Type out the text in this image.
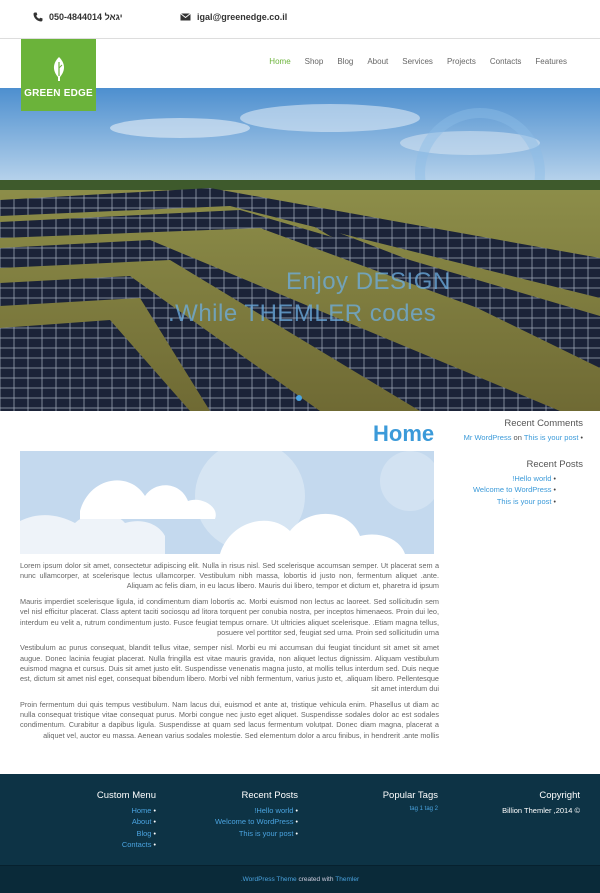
050-4844014 יגאל	igal@greenedge.co.il
GREEN EDGE
Home Shop Blog About Services Projects Contacts Features
Enjoy DESIGN
.While THEMLER codes
Home

Lorem ipsum dolor sit amet, consectetur adipiscing elit. Nulla in risus nisl. Sed scelerisque accumsan semper. Ut placerat sem a nunc ullamcorper, at scelerisque lectus ullamcorper. Vestibulum nibh massa, lobortis id justo non, fermentum aliquet .ante. Aliquam ac felis diam, in eu lacus libero. Mauris dui libero, tempor et dictum et, pharetra id ipsum

Mauris imperdiet scelerisque ligula, id condimentum diam lobortis ac. Morbi euismod non lectus ac laoreet. Sed sollicitudin sem vel nisl efficitur placerat. Class aptent taciti sociosqu ad litora torquent per conubia nostra, per inceptos himenaeos. Proin dui leo, interdum eu velit a, rutrum condimentum justo. Fusce feugiat tempus ornare. Ut ultricies aliquet scelerisque. .Etiam magna tellus, posuere vel porttitor sed, feugiat sed urna. Proin sed sollicitudin urna

Vestibulum ac purus consequat, blandit tellus vitae, semper nisl. Morbi eu mi accumsan dui feugiat tincidunt sit amet sit amet augue. Donec lacinia feugiat placerat. Nulla fringilla est vitae mauris gravida, non aliquet lectus dignissim. Aliquam vestibulum euismod magna et cursus. Duis sit amet justo elit. Suspendisse venenatis magna justo, at mollis tellus interdum sed. Duis neque est, dictum sit amet nisl eget, consequat bibendum libero. Morbi vel nibh fermentum, varius justo et, .aliquam libero. Pellentesque sit amet interdum dui

Proin fermentum dui quis tempus vestibulum. Nam lacus dui, euismod et ante at, tristique vehicula enim. Phasellus ut diam ac nulla consequat tristique vitae consequat purus. Morbi congue nec justo eget aliquet. Suspendisse sodales dolor ac est sodales condimentum. Curabitur a dapibus ligula. Suspendisse at quam sed lacus fermentum volutpat. Donec diam magna, placerat a aliquet vel, auctor eu massa. Aenean varius sodales molestie. Sed elementum dolor a arcu finibus, in hendrerit .ante mollis

Recent Comments
Mr WordPress on This is your post •
Recent Posts
!Hello world •
Welcome to WordPress •
This is your post •
Custom Menu
Home •
About •
Blog •
Contacts •
Recent Posts
!Hello world •
Welcome to WordPress •
This is your post •
Popular Tags
tag 1 tag 2
Copyright
Billion Themler ,2014 ©
.WordPress Theme
created with
Themler
